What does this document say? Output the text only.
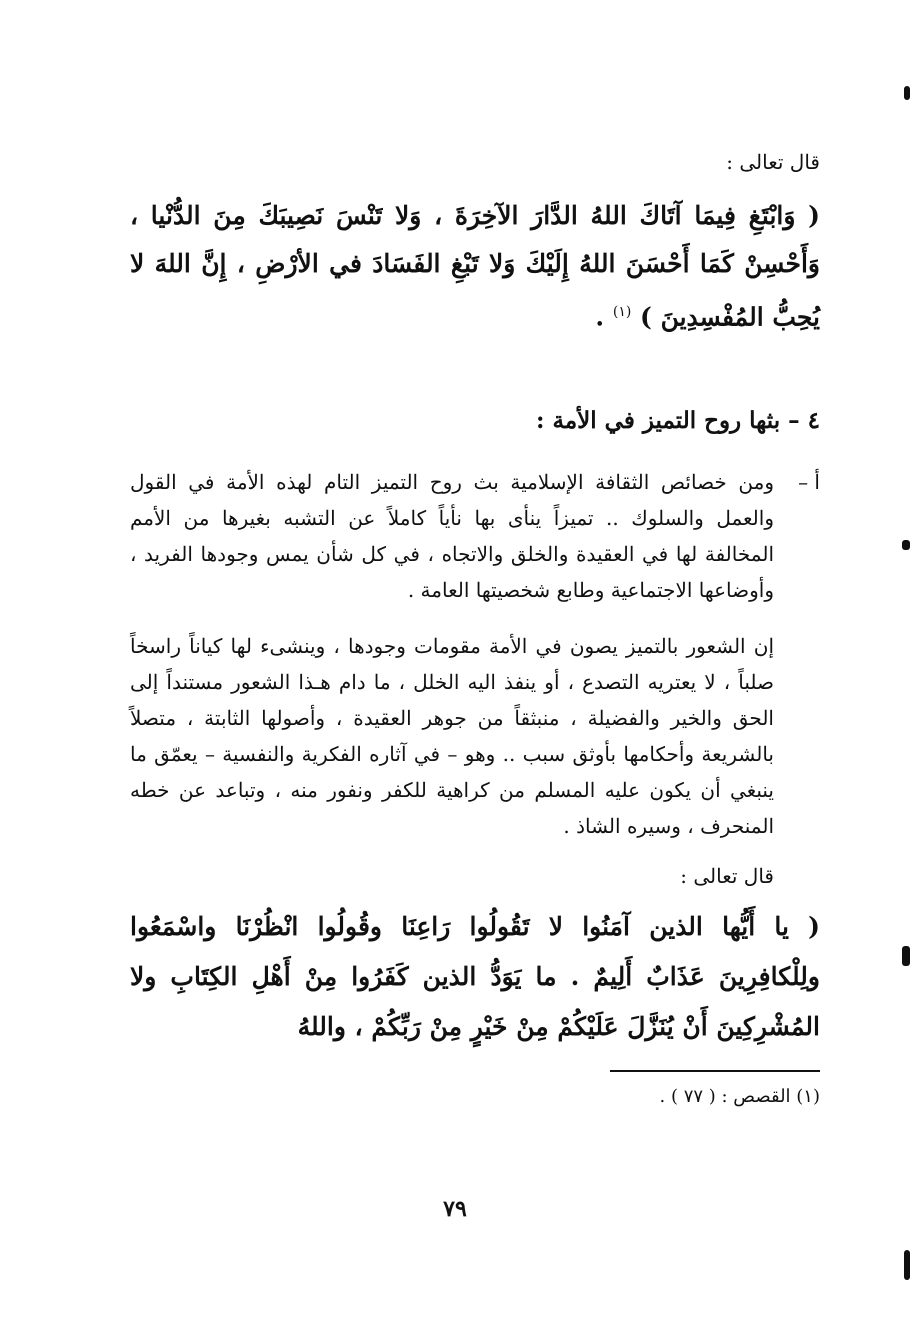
قال تعالى :

( وَابْتَغِ فِيمَا آتَاكَ اللهُ الدَّارَ الآخِرَةَ ، وَلا تَنْسَ نَصِيبَكَ مِنَ الدُّنْيا ، وَأَحْسِنْ كَمَا أَحْسَنَ اللهُ إِلَيْكَ وَلا تَبْغِ الفَسَادَ في الأرْضِ ، إِنَّ اللهَ لا يُحِبُّ المُفْسِدِينَ ) $^{(١)}$ .

٤ – بثها روح التميز في الأمة :
أ –
ومن خصائص الثقافة الإسلامية بث روح التميز التام لهذه الأمة في القول والعمل والسلوك .. تميزاً ينأى بها نأياً كاملاً عن التشبه بغيرها من الأمم المخالفة لها في العقيدة والخلق والاتجاه ، في كل شأن يمس وجودها الفريد ، وأوضاعها الاجتماعية وطابع شخصيتها العامة .

إن الشعور بالتميز يصون في الأمة مقومات وجودها ، وينشىء لها كياناً راسخاً صلباً ، لا يعتريه التصدع ، أو ينفذ اليه الخلل ، ما دام هـذا الشعور مستنداً إلى الحق والخير والفضيلة ، منبثقاً من جوهر العقيدة ، وأصولها الثابتة ، متصلاً بالشريعة وأحكامها بأوثق سبب .. وهو – في آثاره الفكرية والنفسية – يعمّق ما ينبغي أن يكون عليه المسلم من كراهية للكفر ونفور منه ، وتباعد عن خطه المنحرف ، وسيره الشاذ .

قال تعالى :

( يا أَيُّها الذين آمَنُوا لا تَقُولُوا رَاعِنَا وقُولُوا انْظُرْنَا واسْمَعُوا ولِلْكافِرِينَ عَذَابٌ أَلِيمٌ . ما يَوَدُّ الذين كَفَرُوا مِنْ أَهْلِ الكِتَابِ ولا المُشْرِكِينَ أَنْ يُنَزَّلَ عَلَيْكُمْ مِنْ خَيْرٍ مِنْ رَبِّكُمْ ، واللهُ

(١) القصص : ( ٧٧ ) .

٧٩
